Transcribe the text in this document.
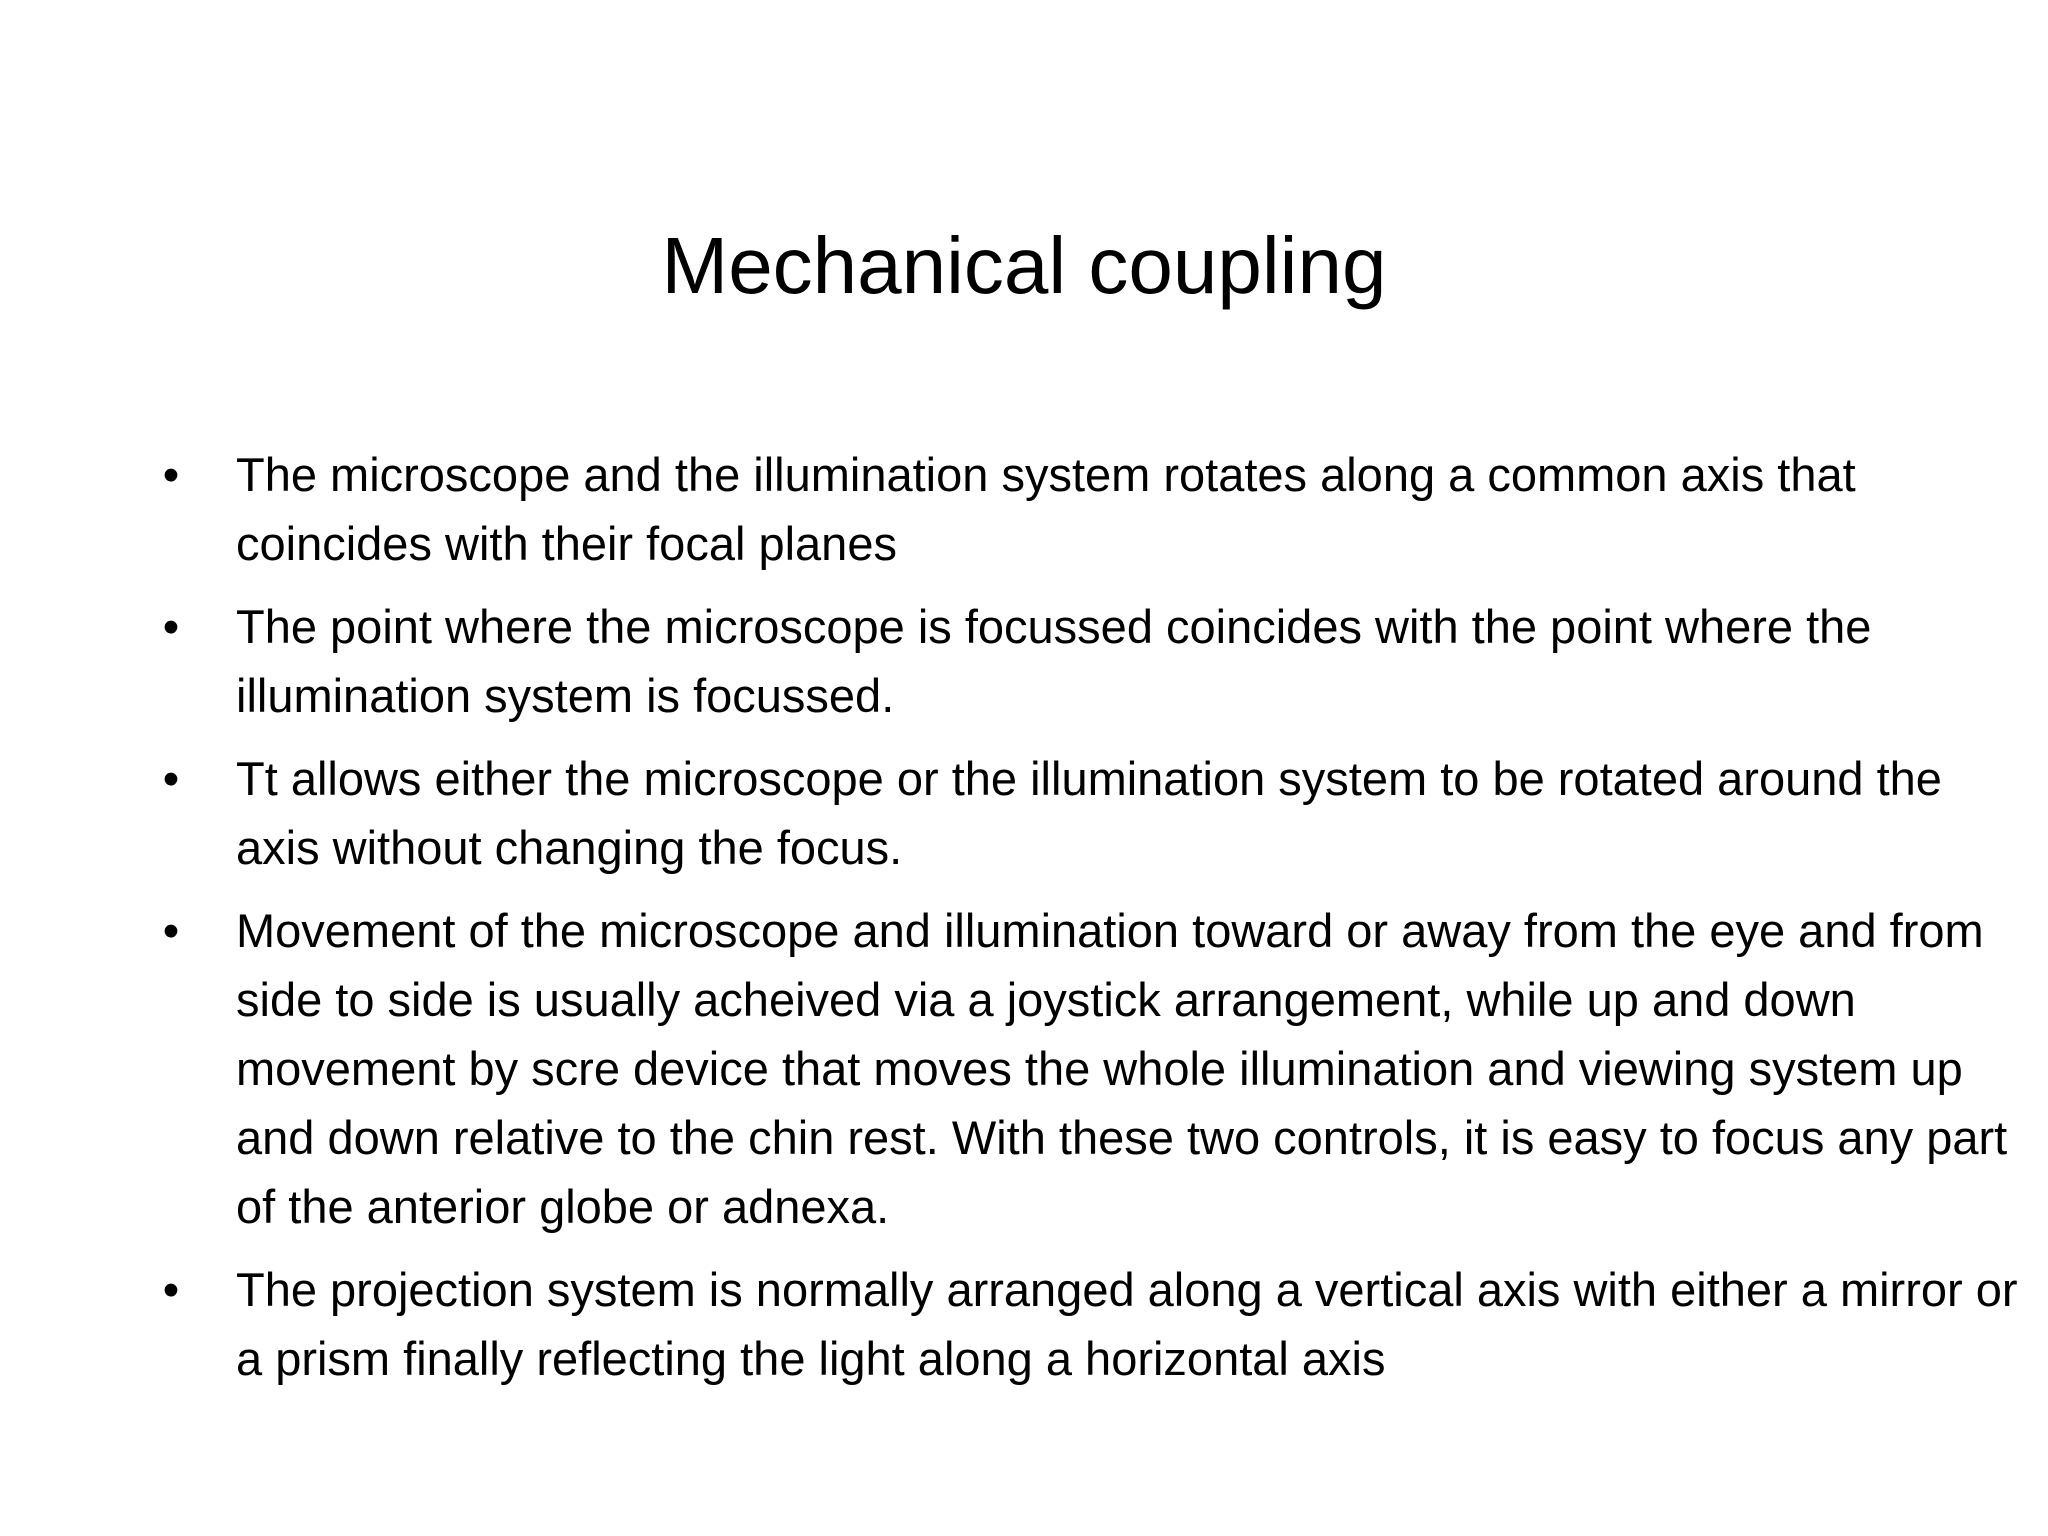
Mechanical coupling
• The microscope and the illumination system rotates along a common axis that coincides with their focal planes
• The point where the microscope is focussed coincides with the point where the illumination system is focussed.
• Tt allows either the microscope or the illumination system to be rotated around the axis without changing the focus.
• Movement of the microscope and illumination toward or away from the eye and from side to side is usually acheived via a joystick arrangement, while up and down movement by scre device that moves the whole illumination and viewing system up and down relative to the chin rest. With these two controls, it is easy to focus any part of the anterior globe or adnexa.
• The projection system is normally arranged along a vertical axis with either a mirror or a prism finally reflecting the light along a horizontal axis
